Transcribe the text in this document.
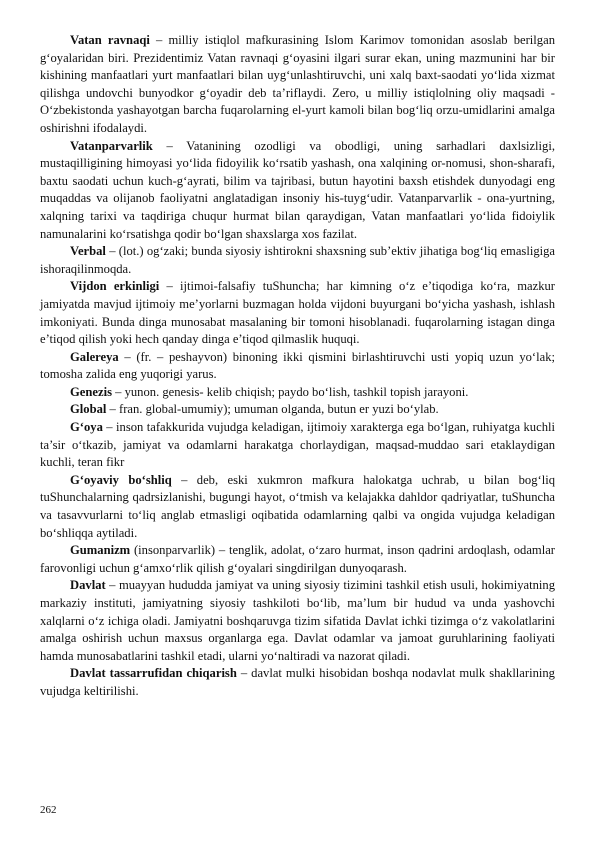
Vatan ravnaqi – milliy istiqlol mafkurasining Islom Karimov tomonidan asoslab berilgan g‘oyalaridan biri. Prezidentimiz Vatan ravnaqi g‘oyasini ilgari surar ekan, uning mazmunini har bir kishining manfaatlari yurt manfaatlari bilan uyg‘unlashtiruvchi, uni xalq baxt-saodati yo‘lida xizmat qilishga undovchi bunyodkor g‘oyadir deb ta’riflaydi. Zero, u milliy istiqlolning oliy maqsadi - O‘zbekistonda yashayotgan barcha fuqarolarning el-yurt kamoli bilan bog‘liq orzu-umidlarini amalga oshirishni ifodalaydi.

Vatanparvarlik – Vatanining ozodligi va obodligi, uning sarhadlari daxlsizligi, mustaqilligining himoyasi yo‘lida fidoyilik ko‘rsatib yashash, ona xalqining or-nomusi, shon-sharafi, baxtu saodati uchun kuch-g‘ayrati, bilim va tajribasi, butun hayotini baxsh etishdek dunyodagi eng muqaddas va olijanob faoliyatni anglatadigan insoniy his-tuyg‘udir. Vatanparvarlik - ona-yurtning, xalqning tarixi va taqdiriga chuqur hurmat bilan qaraydigan, Vatan manfaatlari yo‘lida fidoiylik namunalarini ko‘rsatishga qodir bo‘lgan shaxslarga xos fazilat.

Verbal – (lot.) og‘zaki; bunda siyosiy ishtirokni shaxsning sub’ektiv jihatiga bog‘liq emasligiga ishoraqilinmoqda.

Vijdon erkinligi – ijtimoi-falsafiy tuShuncha; har kimning o‘z e’tiqodiga ko‘ra, mazkur jamiyatda mavjud ijtimoiy me’yorlarni buzmagan holda vijdoni buyurgani bo‘yicha yashash, ishlash imkoniyati. Bunda dinga munosabat masalaning bir tomoni hisoblanadi. fuqarolarning istagan dinga e’tiqod qilish yoki hech qanday dinga e’tiqod qilmaslik huquqi.

Galereya – (fr. – peshayvon) binoning ikki qismini birlashtiruvchi usti yopiq uzun yo‘lak; tomosha zalida eng yuqorigi yarus.

Genezis – yunon. genesis- kelib chiqish; paydo bo‘lish, tashkil topish jarayoni.

Global – fran. global-umumiy); umuman olganda, butun er yuzi bo‘ylab.

G‘oya – inson tafakkurida vujudga keladigan, ijtimoiy xarakterga ega bo‘lgan, ruhiyatga kuchli ta’sir o‘tkazib, jamiyat va odamlarni harakatga chorlaydigan, maqsad-muddao sari etaklaydigan kuchli, teran fikr

G‘oyaviy bo‘shliq – deb, eski xukmron mafkura halokatga uchrab, u bilan bog‘liq tuShunchalarning qadrsizlanishi, bugungi hayot, o‘tmish va kelajakka dahldor qadriyatlar, tuShuncha va tasavvurlarni to‘liq anglab etmasligi oqibatida odamlarning qalbi va ongida vujudga keladigan bo‘shliqqa aytiladi.

Gumanizm (insonparvarlik) – tenglik, adolat, o‘zaro hurmat, inson qadrini ardoqlash, odamlar farovonligi uchun g‘amxo‘rlik qilish g‘oyalari singdirilgan dunyoqarash.

Davlat – muayyan hududda jamiyat va uning siyosiy tizimini tashkil etish usuli, hokimiyatning markaziy instituti, jamiyatning siyosiy tashkiloti bo‘lib, ma’lum bir hudud va unda yashovchi xalqlarni o‘z ichiga oladi. Jamiyatni boshqaruvga tizim sifatida Davlat ichki tizimga o‘z vakolatlarini amalga oshirish uchun maxsus organlarga ega. Davlat odamlar va jamoat guruhlarining faoliyati hamda munosabatlarini tashkil etadi, ularni yo‘naltiradi va nazorat qiladi.

Davlat tassarrufidan chiqarish – davlat mulki hisobidan boshqa nodavlat mulk shakllarining vujudga keltirilishi.

262
